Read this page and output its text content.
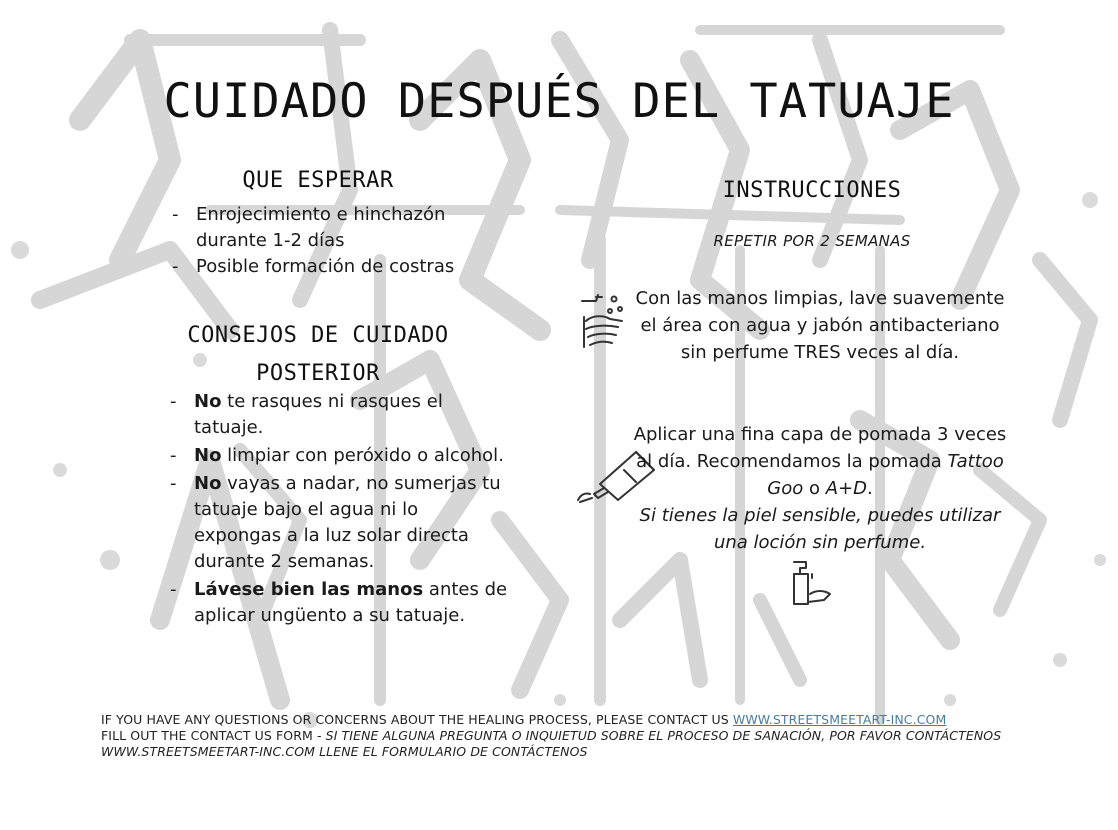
CUIDADO DESPUÉS DEL TATUAJE
QUE ESPERAR
- Enrojecimiento e hinchazón durante 1-2 días
- Posible formación de costras
CONSEJOS DE CUIDADO
POSTERIOR
- No te rasques ni rasques el tatuaje.
- No limpiar con peróxido o alcohol.
- No vayas a nadar, no sumerjas tu tatuaje bajo el agua ni lo expongas a la luz solar directa durante 2 semanas.
- Lávese bien las manos antes de aplicar ungüento a su tatuaje.
INSTRUCCIONES
REPETIR POR 2 SEMANAS
Con las manos limpias, lave suavemente el área con agua y jabón antibacteriano sin perfume TRES veces al día.
Aplicar una fina capa de pomada 3 veces al día. Recomendamos la pomada Tattoo Goo o A+D.
Si tienes la piel sensible, puedes utilizar una loción sin perfume.
IF YOU HAVE ANY QUESTIONS OR CONCERNS ABOUT THE HEALING PROCESS, PLEASE CONTACT US WWW.STREETSMEETART-INC.COM
FILL OUT THE CONTACT US FORM - SI TIENE ALGUNA PREGUNTA O INQUIETUD SOBRE EL PROCESO DE SANACIÓN, POR FAVOR CONTÁCTENOS WWW.STREETSMEETART-INC.COM LLENE EL FORMULARIO DE CONTÁCTENOS
